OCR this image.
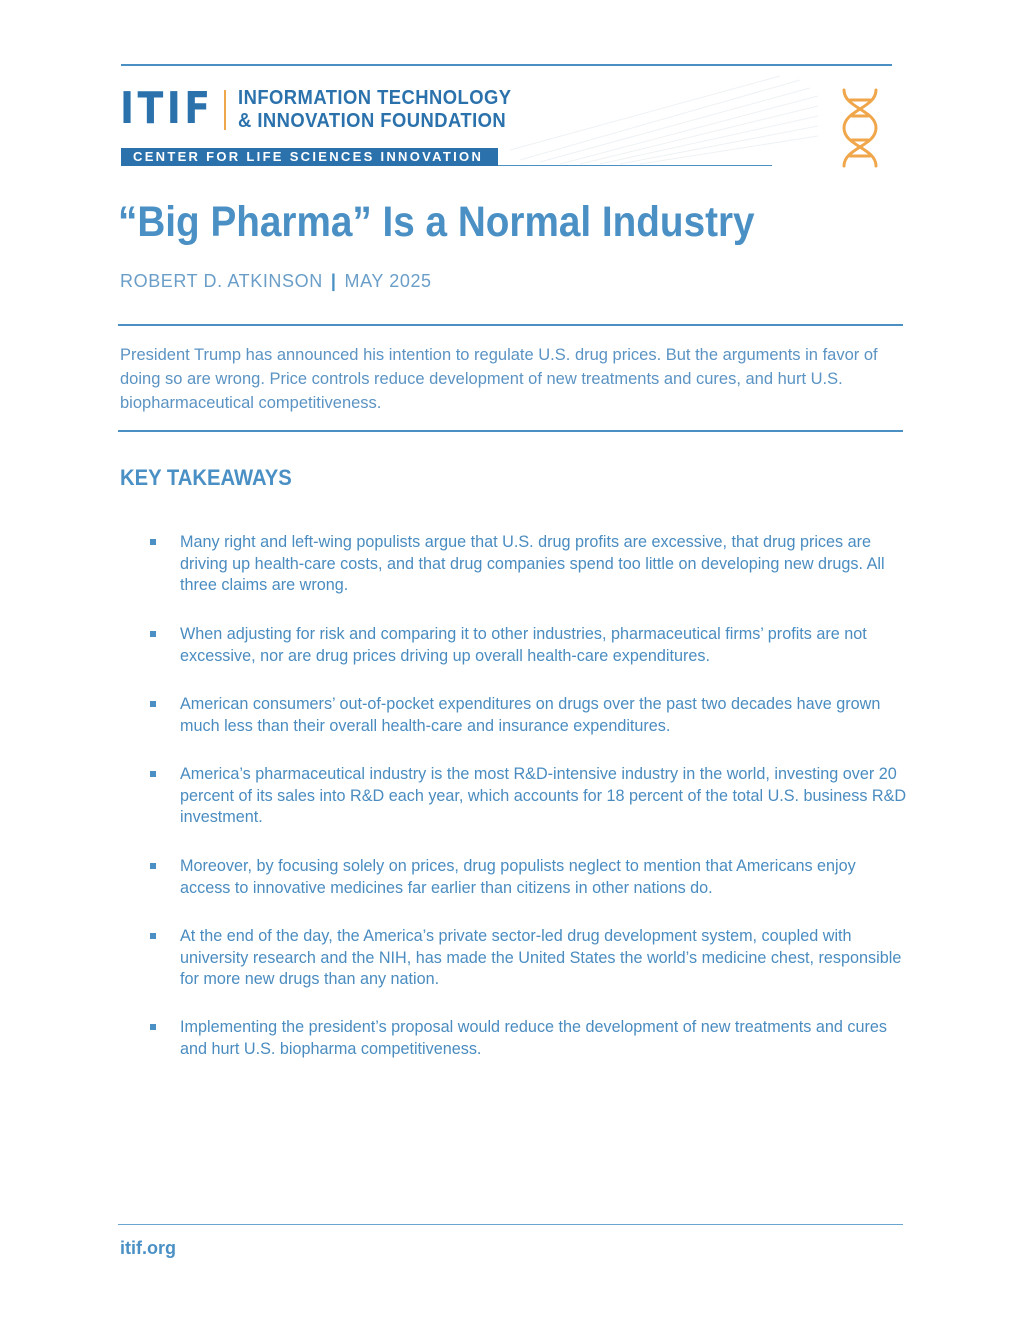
ITIF INFORMATION TECHNOLOGY
& INNOVATION FOUNDATION
CENTER FOR LIFE SCIENCES INNOVATION
“Big Pharma” Is a Normal Industry
ROBERT D. ATKINSON | MAY 2025
President Trump has announced his intention to regulate U.S. drug prices. But the arguments in favor of doing so are wrong. Price controls reduce development of new treatments and cures, and hurt U.S. biopharmaceutical competitiveness.
KEY TAKEAWAYS
Many right and left-wing populists argue that U.S. drug profits are excessive, that drug prices are driving up health-care costs, and that drug companies spend too little on developing new drugs. All three claims are wrong.
When adjusting for risk and comparing it to other industries, pharmaceutical firms’ profits are not excessive, nor are drug prices driving up overall health-care expenditures.
American consumers’ out-of-pocket expenditures on drugs over the past two decades have grown much less than their overall health-care and insurance expenditures.
America’s pharmaceutical industry is the most R&D-intensive industry in the world, investing over 20 percent of its sales into R&D each year, which accounts for 18 percent of the total U.S. business R&D investment.
Moreover, by focusing solely on prices, drug populists neglect to mention that Americans enjoy access to innovative medicines far earlier than citizens in other nations do.
At the end of the day, the America’s private sector-led drug development system, coupled with university research and the NIH, has made the United States the world’s medicine chest, responsible for more new drugs than any nation.
Implementing the president’s proposal would reduce the development of new treatments and cures and hurt U.S. biopharma competitiveness.
itif.org
